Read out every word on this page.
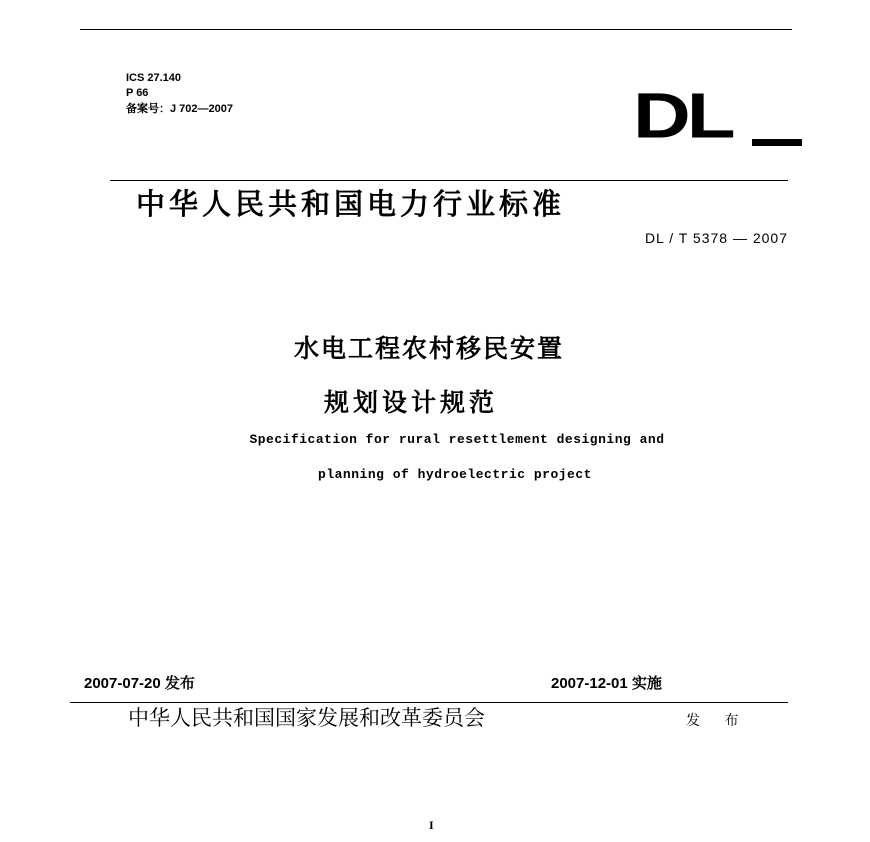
ICS 27.140
P 66
备案号：J 702—2007	DL
中华人民共和国电力行业标准
DL / T 5378 — 2007
水电工程农村移民安置
规划设计规范
Specification for rural resettlement designing and
planning of hydroelectric project
2007-07-20 发布	2007-12-01 实施
中华人民共和国国家发展和改革委员会	发 布
I
